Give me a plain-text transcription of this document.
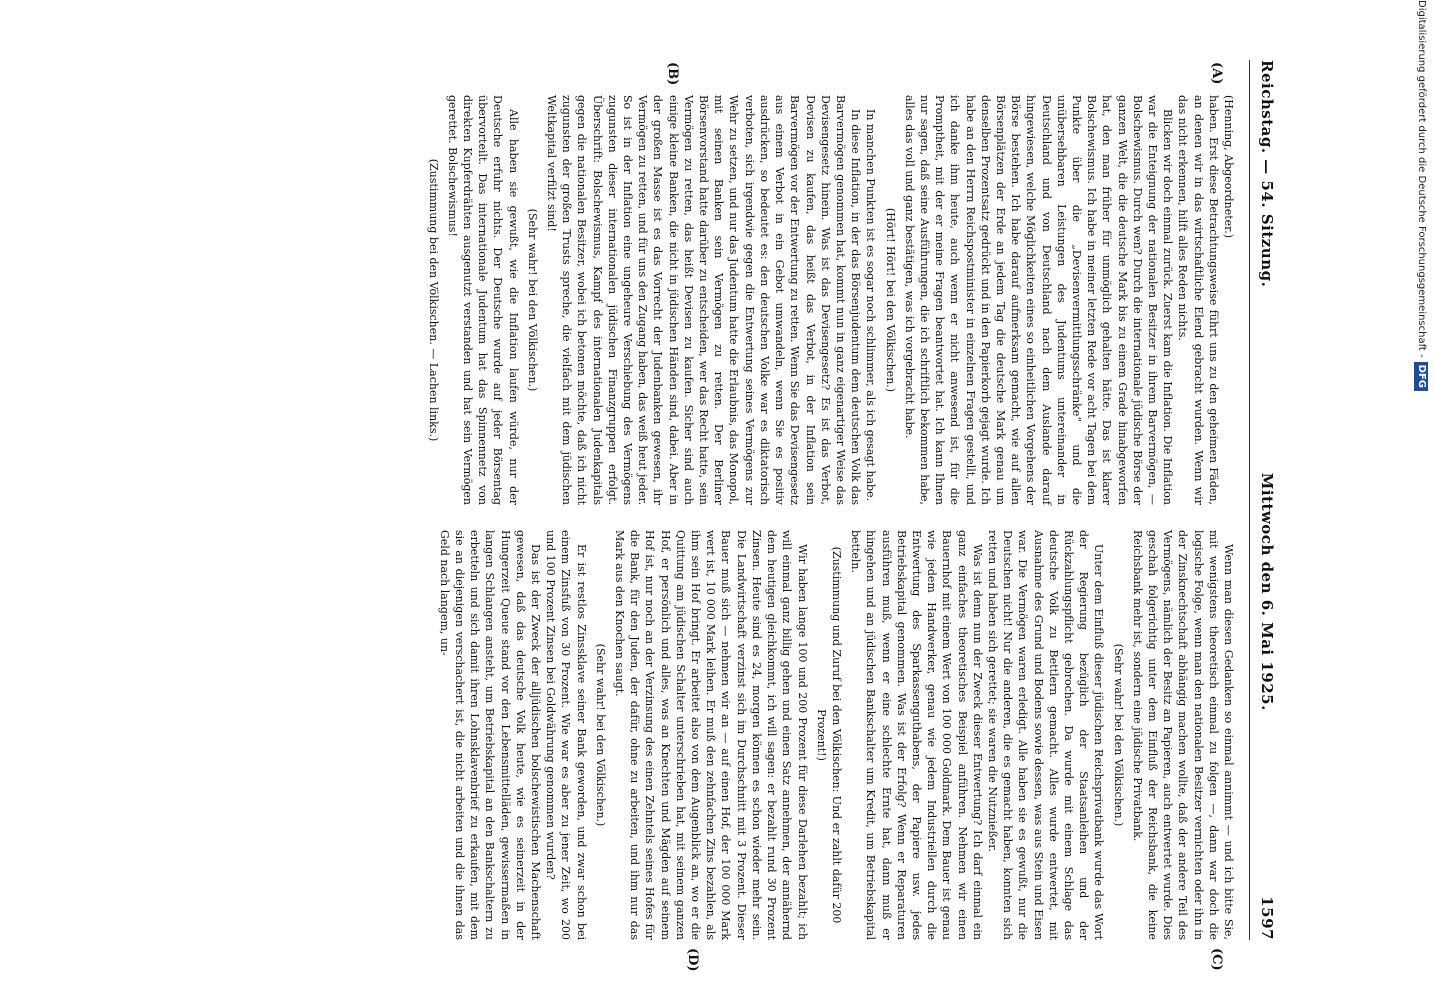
Reichstag. — 54. Sitzung.
Mittwoch den 6. Mai 1925.
1597
(A)
(B)
(C)
(D)

(Henning, Abgeordneter.)

haben. Erst diese Betrachtungsweise führt uns zu den geheimen Fäden, an denen wir in das wirtschaftliche Elend gebracht wurden. Wenn wir das nicht erkennen, hilft alles Reden nichts.

Blicken wir doch einmal zurück. Zuerst kam die Inflation. Die Inflation war die Enteignung der nationalen Besitzer in ihrem Barvermögen, — Bolschewismus. Durch wen? Durch die internationale jüdische Börse der ganzen Welt, die die deutsche Mark bis zu einem Grade hinabgeworfen hat, den man früher für unmöglich gehalten hätte. Das ist klarer Bolschewismus. Ich habe in meiner letzten Rede vor acht Tagen bei dem Punkte über die „Devisenvermittlungsschränke“ und die unübersehbaren Leistungen des Judentums untereinander in Deutschland und von Deutschland nach dem Auslande darauf hingewiesen, welche Möglichkeiten eines so einheitlichen Vorgehens der Börse bestehen. Ich habe darauf aufmerksam gemacht, wie auf allen Börsenplätzen der Erde an jedem Tag die deutsche Mark genau um denselben Prozentsatz gedrückt und in den Papierkorb gejagt wurde. Ich habe an den Herrn Reichspostminister in einzelnen Fragen gestellt, und ich danke ihm heute, auch wenn er nicht anwesend ist, für die Promptheit, mit der er meine Fragen beantwortet hat. Ich kann Ihnen nur sagen, daß seine Ausführungen, die ich schriftlich bekommen habe, alles das voll und ganz bestätigen, was ich vorgebracht habe.

(Hört! Hört! bei den Völkischen.)

In manchen Punkten ist es sogar noch schlimmer, als ich gesagt habe.

In diese Inflation, in der das Börsenjudentum dem deutschen Volk das Barvermögen genommen hat, kommt nun in ganz eigenartiger Weise das Devisengesetz hinein. Was ist das Devisengesetz? Es ist das Verbot, Devisen zu kaufen, das heißt das Verbot, in der Inflation sein Barvermögen vor der Entwertung zu retten. Wenn Sie das Devisengesetz aus einem Verbot in ein Gebot umwandeln, wenn Sie es positiv ausdrücken, so bedeutet es: den deutschen Volke war es diktatorisch verboten, sich irgendwie gegen die Entwertung seines Vermögens zur Wehr zu setzen, und nur das Judentum hatte die Erlaubnis, das Monopol, mit seinen Banken sein Vermögen zu retten. Der Berliner Börsenvorstand hatte darüber zu entscheiden, wer das Recht hatte, sein Vermögen zu retten, das heißt Devisen zu kaufen. Sicher sind auch einige kleine Banken, die nicht in jüdischen Händen sind, dabei. Aber in der großen Masse ist es das Vorrecht der Judenbanken gewesen, ihr Vermögen zu retten, und für uns den Zugang haben, das weiß heut jeder. So ist in der Inflation eine ungeheure Verschiebung des Vermögens zugunsten dieser internationalen jüdischen Finanzgruppen erfolgt. Überschrift: Bolschewismus, Kampf des internationalen Judenkapitals gegen die nationalen Besitzer, wobei ich betonen möchte, daß ich nicht zugunsten der großen Trusts spreche, die vielfach mit dem jüdischen Weltkapital verfilzt sind!

(Sehr wahr! bei den Völkischen.)

Alle haben sie gewußt, wie die Inflation laufen würde, nur der Deutsche erfuhr nichts. Der Deutsche wurde auf jeder Börsentag übervorteilt. Das internationale Judentum hat das Spinnennetz von direkten Kupferdrähten ausgenutzt verstanden und hat sein Vermögen gerettet. Bolschewismus!

(Zustimmung bei den Völkischen. — Lachen links.)

Wenn man diesen Gedanken so einmal annimmt — und ich bitte Sie, mit wenigstens theoretisch einmal zu folgen —, dann war doch die logische Folge, wenn man den nationalen Besitzer vernichten oder ihn in der Zinsknechtschaft abhängig machen wollte, daß der andere Teil des Vermögens, nämlich der Besitz an Papieren, auch entwertet wurde. Dies geschah folgerichtig unter dem Einfluß der Reichsbank, die keine Reichsbank mehr ist, sondern eine jüdische Privatbank.

(Sehr wahr! bei den Völkischen.)

Unter dem Einfluß dieser jüdischen Reichsprivatbank wurde das Wort der Regierung bezüglich der Staatsanleihen und der Rückzahlungspflicht gebrochen. Da wurde mit einem Schlage das deutsche Volk zu Bettlern gemacht. Alles wurde entwertet, mit Ausnahme des Grund und Bodens sowie dessen, was aus Stein und Eisen war. Die Vermögen waren erledigt. Alle haben sie es gewußt, nur die Deutschen nicht! Nur die anderen, die es gemacht haben, konnten sich retten und haben sich gerettet; sie waren die Nutznießer.

Was ist denn nun der Zweck dieser Entwertung? Ich darf einmal ein ganz einfaches theoretisches Beispiel anführen. Nehmen wir einen Bauernhof mit einem Wert von 100 000 Goldmark. Dem Bauer ist genau wie jedem Handwerker, genau wie jedem Industriellen durch die Entwertung des Sparkassenguthabens, der Papiere usw. jedes Betriebskapital genommen. Was ist der Erfolg? Wenn er Reparaturen ausführen muß, wenn er eine schlechte Ernte hat, dann muß er hingehen und an jüdischen Bankschalter um Kredit, um Betriebskapital betteln.

(Zustimmung und Zuruf bei den Völkischen: Und er zahlt dafür 200 Prozent!)

Wir haben lange 100 und 200 Prozent für diese Darlehen bezahlt; ich will einmal ganz billig gehen und einen Satz annehmen, der annähernd dem heutigen gleichkommt, ich will sagen: er bezahlt rund 30 Prozent Zinsen. Heute sind es 24, morgen können es schon wieder mehr sein. Die Landwirtschaft verzinst sich im Durchschnitt mit 3 Prozent. Dieser Bauer muß sich — nehmen wir an — auf einen Hof, der 100 000 Mark wert ist, 10 000 Mark leihen. Er muß den zehnfachen Zins bezahlen, als ihm sein Hof bringt. Er arbeitet also von dem Augenblick an, wo er die Quittung am jüdischen Schalter unterschrieben hat, mit seinem ganzen Hof, er persönlich und alles, was an Knechten und Mägden auf seinem Hof ist, nur noch an der Verzinsung des einen Zehntels seines Hofes für die Bank, für den Juden, der dafür, ohne zu arbeiten, und ihm nur das Mark aus den Knochen saugt.

(Sehr wahr! bei den Völkischen.)

Er ist restlos Zinssklave seiner Bank geworden, und zwar schon bei einem Zinsfuß von 30 Prozent. Wie war es aber zu jener Zeit, wo 200 und 100 Prozent Zinsen bei Goldwährung genommen wurden?

Das ist der Zweck der alljüdischen bolschewistischen Machenschaft gewesen, daß das deutsche Volk heute, wie es seinerzeit in der Hungerzeit Queue stand vor den Lebensmittelläden, gewissermaßen in langen Schlangen ansteht, um Betriebskapital an den Bankschaltern zu erbetteln und sich damit ihren Lohnsklavenbrief zu erkaufen, mit dem sie an diejenigen verschachert ist, die nicht arbeiten und die ihnen das Geld nach langem, un-

Digitalisierung gefördert durch die Deutsche Forschungsgemeinschaft -DFG
